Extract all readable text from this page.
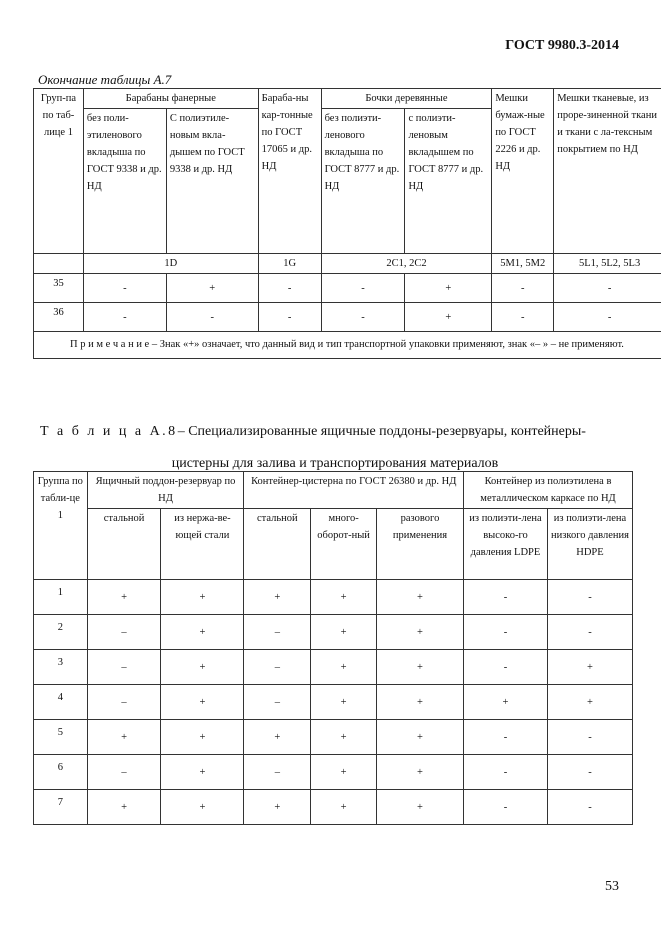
ГОСТ 9980.3-2014
Окончание таблицы А.7
Груп-па по таб-лице 1	Барабаны фанерные		Бараба-ны кар-тонные по ГОСТ 17065 и др. НД	Бочки деревянные		Мешки бумаж-ные по ГОСТ 2226 и др. НД	Мешки тканевые, из проре-зиненной ткани и ткани с ла-тексным покрытием по НД
	без поли-этиленового вкладыша по ГОСТ 9338 и др. НД	С полиэтиле-новым вкла-дышем по ГОСТ 9338 и др. НД		без полиэти-ленового вкладыша по ГОСТ 8777 и др. НД	с полиэти-леновым вкладышем по ГОСТ 8777 и др. НД		
	1D		1G	2C1, 2C2		5M1, 5M2	5L1, 5L2, 5L3
35	-	+	-	-	+	-	-
36	-	-	-	-	+	-	-
П р и м е ч а н и е – Знак «+» означает, что данный вид и тип транспортной упаковки применяют, знак «– » – не применяют.							
Т а б л и ц а А.8– Специализированные ящичные поддоны-резервуары, контейнеры-
цистерны для залива и транспортирования материалов
Группа по табли-це 1	Ящичный поддон-резервуар по НД		Контейнер-цистерна по ГОСТ 26380 и др. НД			Контейнер из полиэтилена в металлическом каркасе по НД	
	стальной	из нержа-ве-ющей стали	стальной	много-оборот-ный	разового применения	из полиэти-лена высоко-го давления LDPE	из полиэти-лена низкого давления HDPE
1	+	+	+	+	+	-	-
2	–	+	–	+	+	-	-
3	–	+	–	+	+	-	+
4	–	+	–	+	+	+	+
5	+	+	+	+	+	-	-
6	–	+	–	+	+	-	-
7	+	+	+	+	+	-	-
53
